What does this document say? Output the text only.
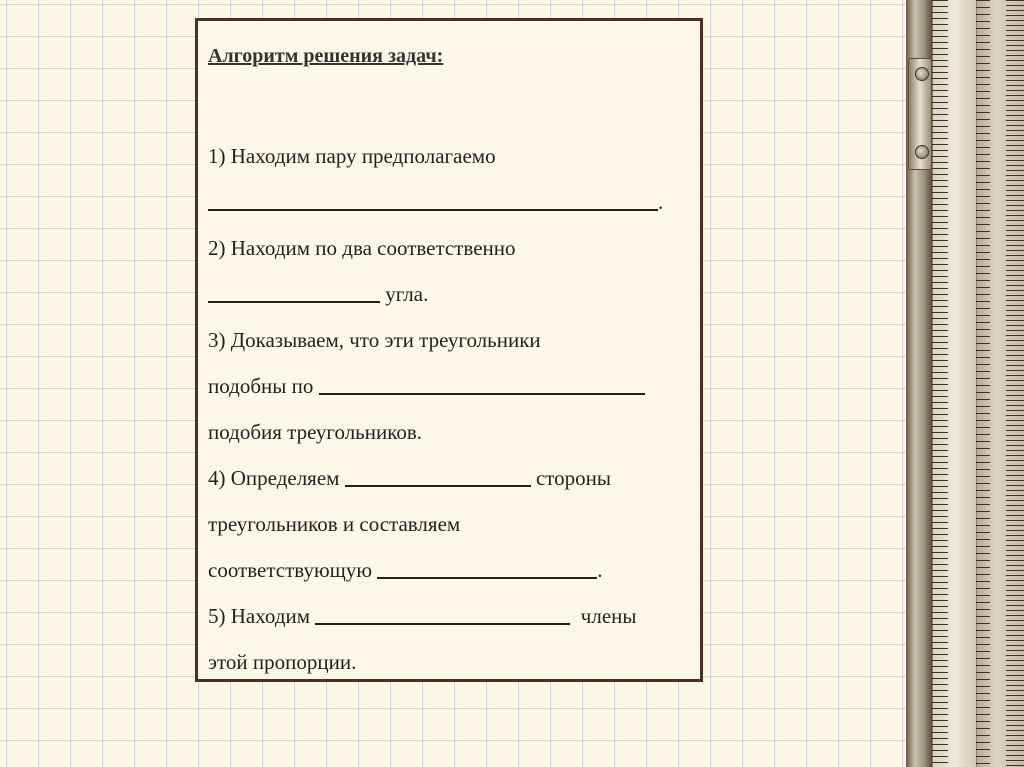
Алгоритм решения задач:
1) Находим пару предполагаемо
.
2) Находим по два соответственно
угла.
3) Доказываем, что эти треугольники
подобны по
подобия треугольников.
4) Определяем	стороны
треугольников и составляем
соответствующую	.
5) Находим	члены
этой пропорции.
